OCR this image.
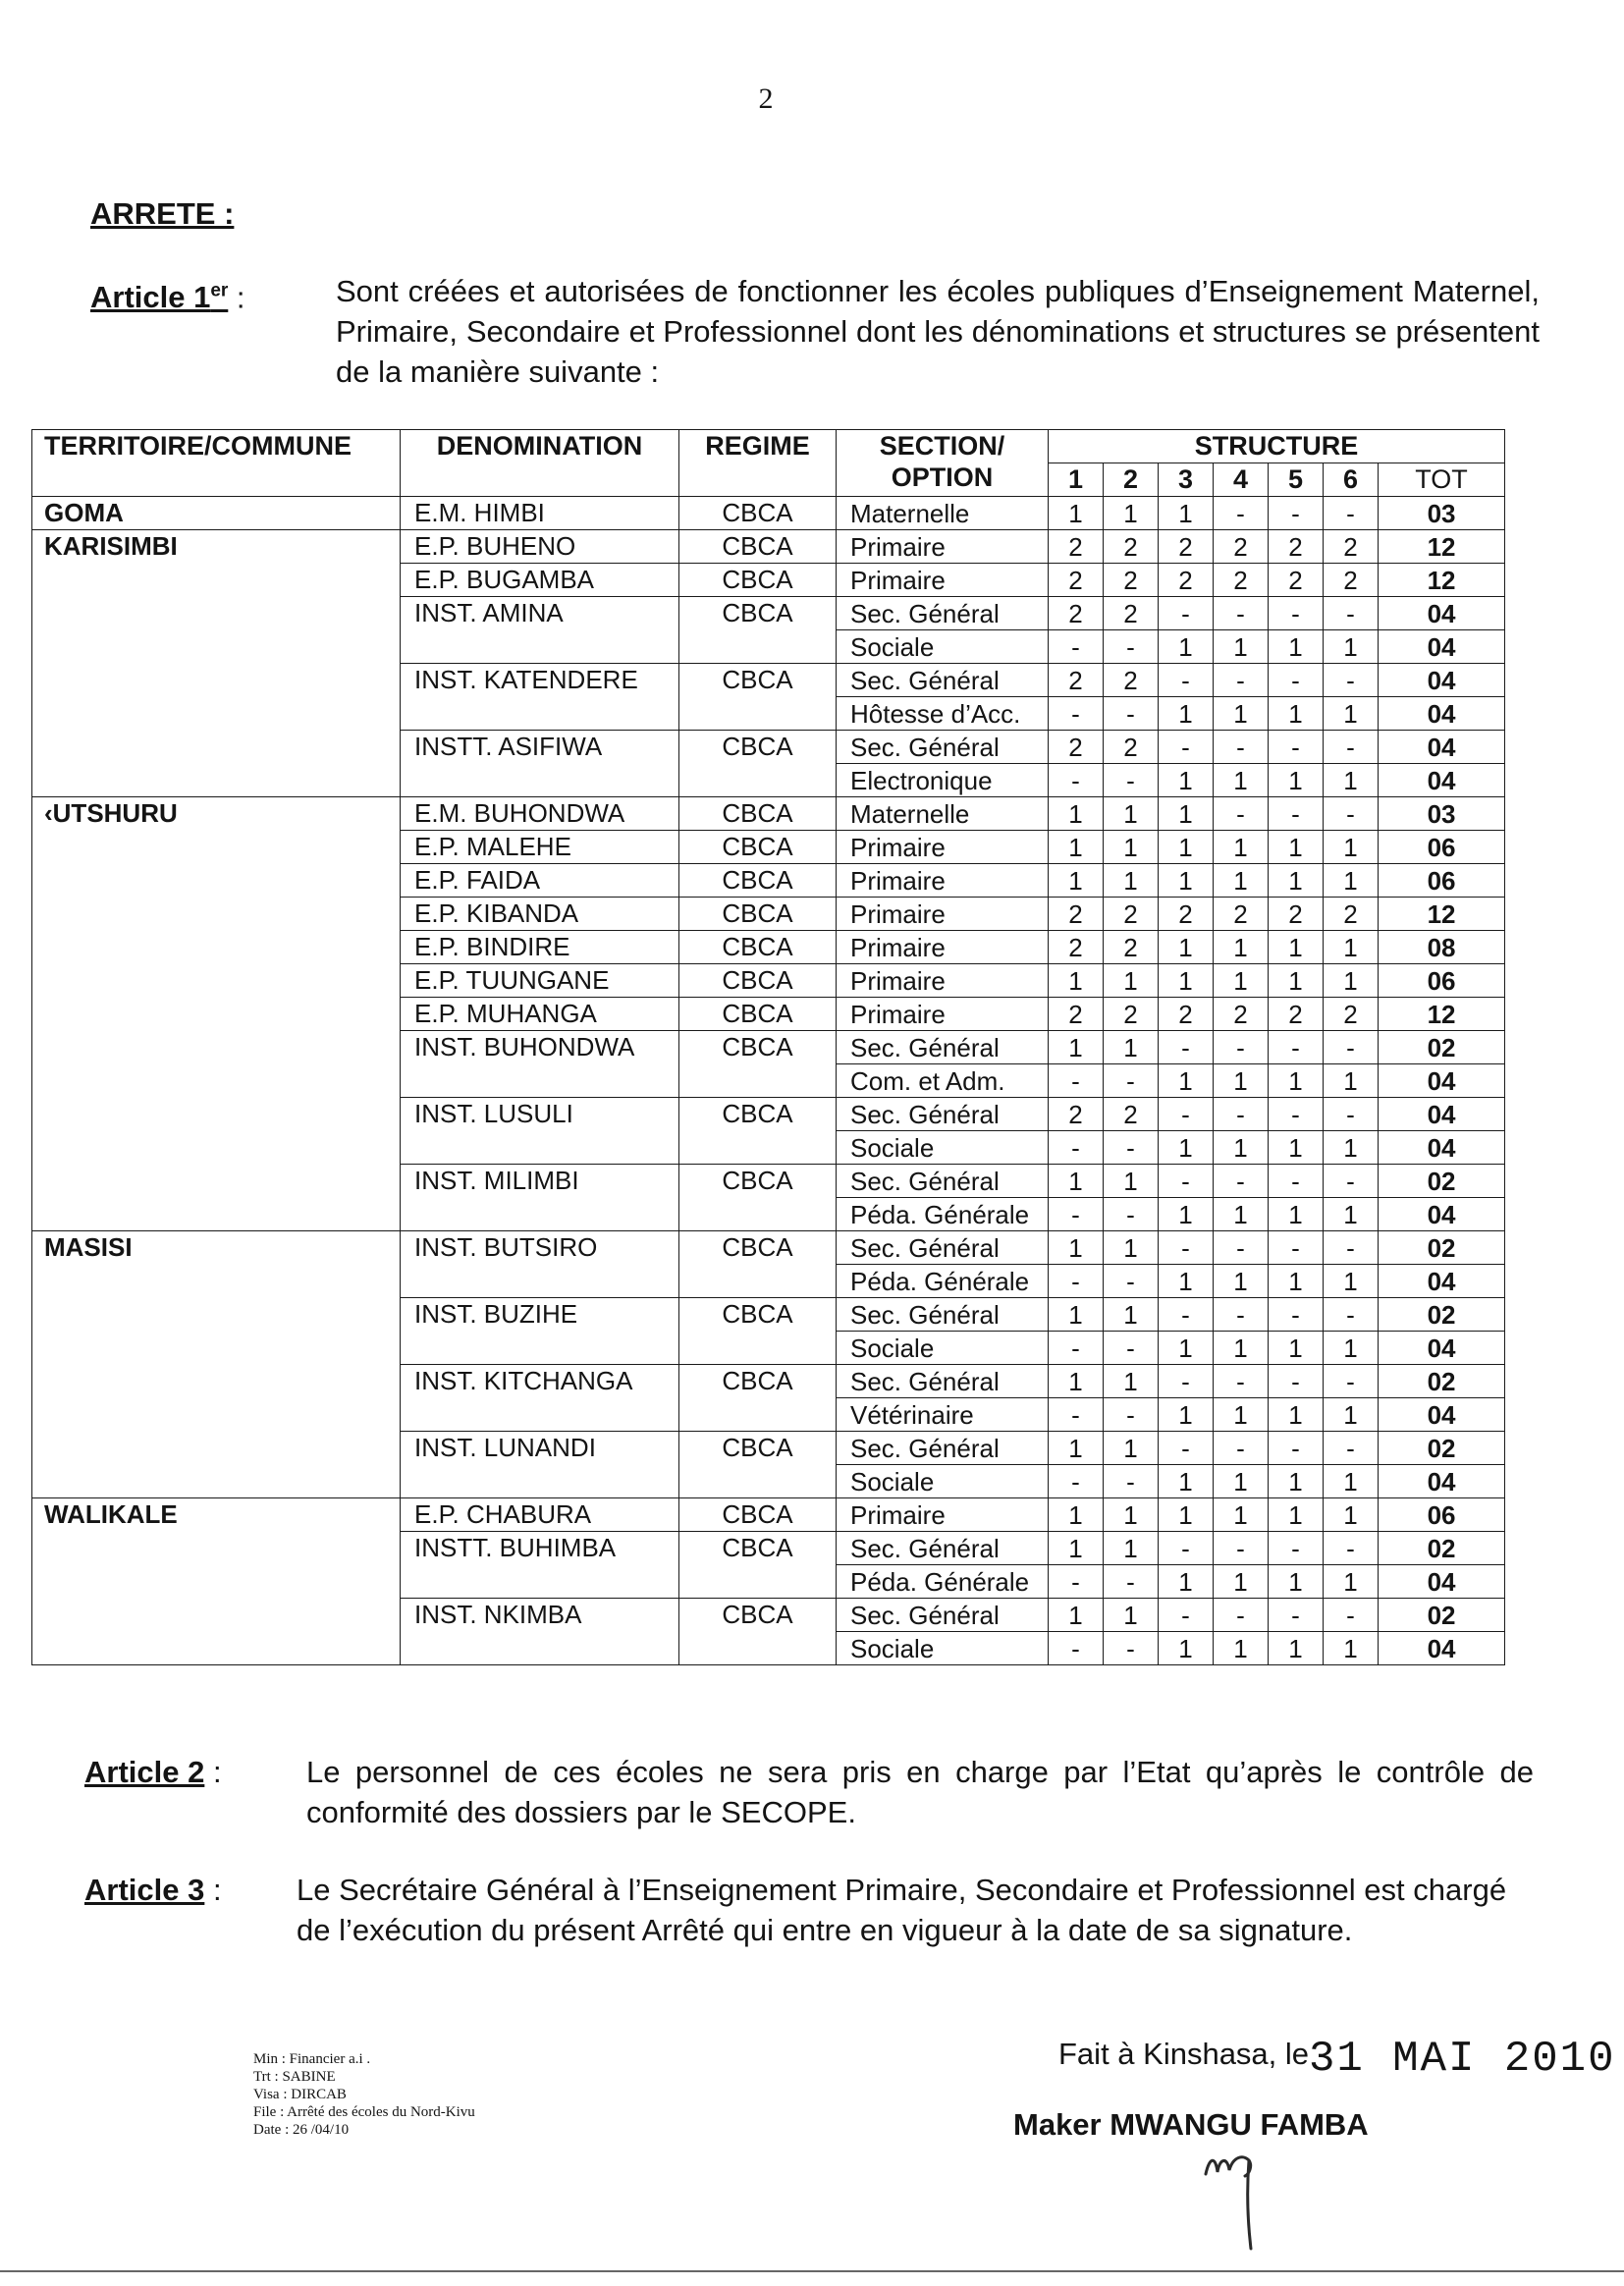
2
ARRETE :
Article 1er :	Sont créées et autorisées de fonctionner les écoles publiques d’Enseignement Maternel, Primaire, Secondaire et Professionnel dont les dénominations et structures se présentent de la manière suivante :
TERRITOIRE/COMMUNE	DENOMINATION	REGIME	SECTION/ OPTION	STRUCTURE						
				1	2	3	4	5	6	TOT
GOMA	E.M. HIMBI	CBCA	Maternelle	1	1	1	-	-	-	03
KARISIMBI	E.P. BUHENO	CBCA	Primaire	2	2	2	2	2	2	12
	E.P. BUGAMBA	CBCA	Primaire	2	2	2	2	2	2	12
	INST. AMINA	CBCA	Sec. Général	2	2	-	-	-	-	04
			Sociale	-	-	1	1	1	1	04
	INST. KATENDERE	CBCA	Sec. Général	2	2	-	-	-	-	04
			Hôtesse d’Acc.	-	-	1	1	1	1	04
	INSTT. ASIFIWA	CBCA	Sec. Général	2	2	-	-	-	-	04
			Electronique	-	-	1	1	1	1	04
‹UTSHURU	E.M. BUHONDWA	CBCA	Maternelle	1	1	1	-	-	-	03
	E.P. MALEHE	CBCA	Primaire	1	1	1	1	1	1	06
	E.P. FAIDA	CBCA	Primaire	1	1	1	1	1	1	06
	E.P. KIBANDA	CBCA	Primaire	2	2	2	2	2	2	12
	E.P. BINDIRE	CBCA	Primaire	2	2	1	1	1	1	08
	E.P. TUUNGANE	CBCA	Primaire	1	1	1	1	1	1	06
	E.P. MUHANGA	CBCA	Primaire	2	2	2	2	2	2	12
	INST. BUHONDWA	CBCA	Sec. Général	1	1	-	-	-	-	02
			Com. et Adm.	-	-	1	1	1	1	04
	INST. LUSULI	CBCA	Sec. Général	2	2	-	-	-	-	04
			Sociale	-	-	1	1	1	1	04
	INST. MILIMBI	CBCA	Sec. Général	1	1	-	-	-	-	02
			Péda. Générale	-	-	1	1	1	1	04
MASISI	INST. BUTSIRO	CBCA	Sec. Général	1	1	-	-	-	-	02
			Péda. Générale	-	-	1	1	1	1	04
	INST. BUZIHE	CBCA	Sec. Général	1	1	-	-	-	-	02
			Sociale	-	-	1	1	1	1	04
	INST. KITCHANGA	CBCA	Sec. Général	1	1	-	-	-	-	02
			Vétérinaire	-	-	1	1	1	1	04
	INST. LUNANDI	CBCA	Sec. Général	1	1	-	-	-	-	02
			Sociale	-	-	1	1	1	1	04
WALIKALE	E.P. CHABURA	CBCA	Primaire	1	1	1	1	1	1	06
	INSTT. BUHIMBA	CBCA	Sec. Général	1	1	-	-	-	-	02
			Péda. Générale	-	-	1	1	1	1	04
	INST. NKIMBA	CBCA	Sec. Général	1	1	-	-	-	-	02
			Sociale	-	-	1	1	1	1	04
Article 2 :	Le personnel de ces écoles ne sera pris en charge par l’Etat qu’après le contrôle de conformité des dossiers par le SECOPE.
Article 3 : Le Secrétaire Général à l’Enseignement Primaire, Secondaire et Professionnel est chargé de l’exécution du présent Arrêté qui entre en vigueur à la date de sa signature.
Min : Financier a.i .
Trt : SABINE
Visa : DIRCAB
File : Arrêté des écoles du Nord-Kivu
Date : 26 /04/10
Fait à Kinshasa, le31 MAI 2010
Maker MWANGU FAMBA
